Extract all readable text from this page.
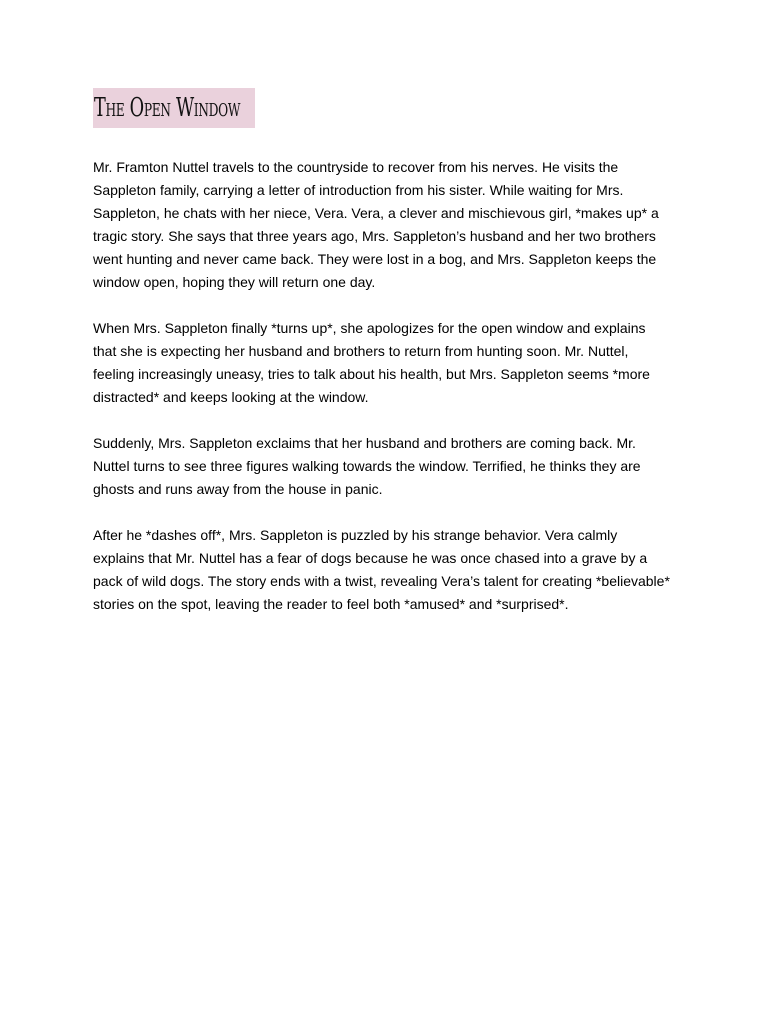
The Open Window

Mr. Framton Nuttel travels to the countryside to recover from his nerves. He visits the Sappleton family, carrying a letter of introduction from his sister. While waiting for Mrs. Sappleton, he chats with her niece, Vera. Vera, a clever and mischievous girl, *makes up* a tragic story. She says that three years ago, Mrs. Sappleton’s husband and her two brothers went hunting and never came back. They were lost in a bog, and Mrs. Sappleton keeps the window open, hoping they will return one day.

When Mrs. Sappleton finally *turns up*, she apologizes for the open window and explains that she is expecting her husband and brothers to return from hunting soon. Mr. Nuttel, feeling increasingly uneasy, tries to talk about his health, but Mrs. Sappleton seems *more distracted* and keeps looking at the window.

Suddenly, Mrs. Sappleton exclaims that her husband and brothers are coming back. Mr. Nuttel turns to see three figures walking towards the window. Terrified, he thinks they are ghosts and runs away from the house in panic.

After he *dashes off*, Mrs. Sappleton is puzzled by his strange behavior. Vera calmly explains that Mr. Nuttel has a fear of dogs because he was once chased into a grave by a pack of wild dogs. The story ends with a twist, revealing Vera’s talent for creating *believable* stories on the spot, leaving the reader to feel both *amused* and *surprised*.
